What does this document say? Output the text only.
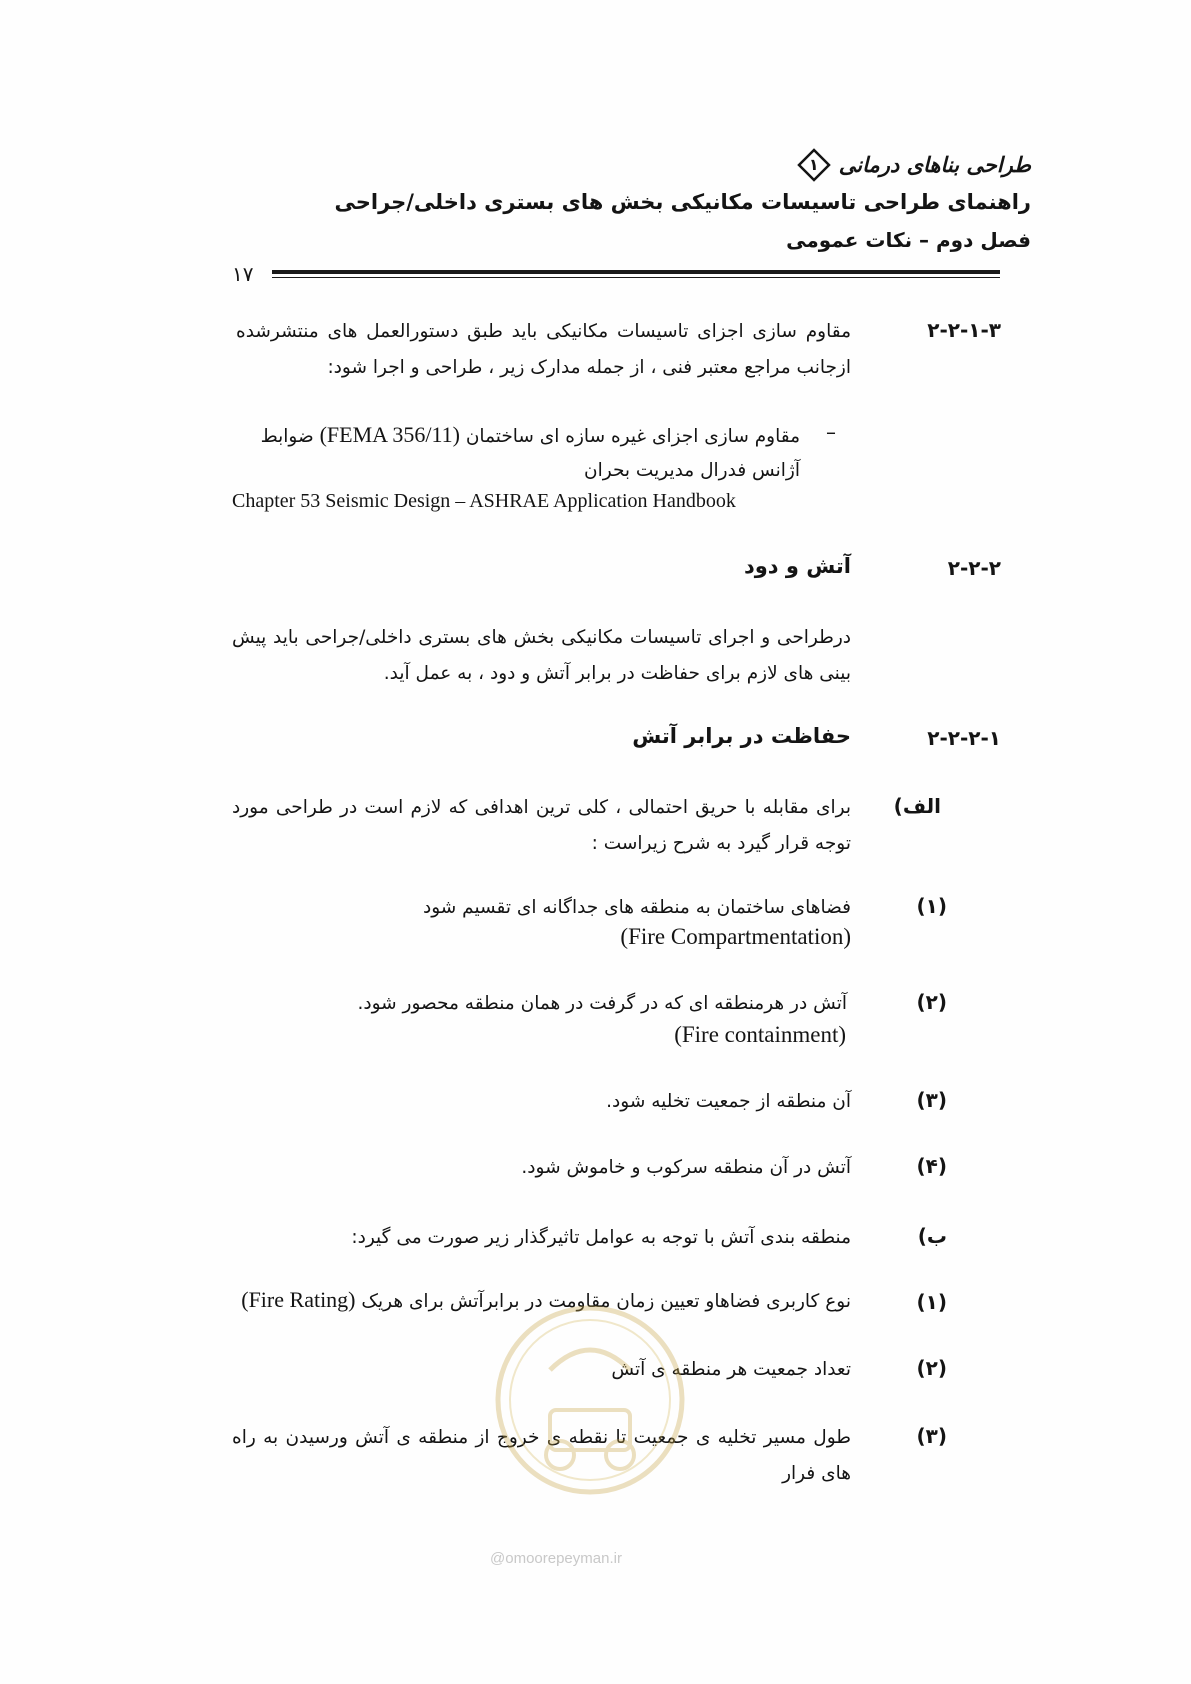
طراحی بناهای درمانی
۱
راهنمای طراحی تاسیسات مکانیکی بخش های بستری داخلی/جراحی
فصل دوم – نکات عمومی
۱۷
۲-۲-۱-۳
مقاوم سازی اجزای تاسیسات مکانیکی باید طبق دستورالعمل های منتشرشده ازجانب مراجع معتبر فنی ، از جمله مدارک زیر ، طراحی و اجرا شود:
–
مقاوم سازی اجزای غیره سازه ای ساختمان (FEMA 356/11) ضوابط
آژانس فدرال مدیریت بحران
Chapter 53 Seismic Design – ASHRAE Application Handbook
۲-۲-۲
آتش و دود
درطراحی و اجرای تاسیسات مکانیکی بخش های بستری داخلی/جراحی باید پیش بینی های لازم برای حفاظت در برابر آتش و دود ، به عمل آید.
۲-۲-۲-۱
حفاظت در برابر آتش
الف)
برای مقابله با حریق احتمالی ، کلی ترین اهدافی که لازم است در طراحی مورد توجه قرار گیرد به شرح زیراست :
(۱)
فضاهای ساختمان به منطقه های جداگانه ای تقسیم شود
(Fire Compartmentation)
(۲)
آتش در هرمنطقه ای که در گرفت در همان منطقه محصور شود.
(Fire containment)
(۳)
آن منطقه از جمعیت تخلیه شود.
(۴)
آتش در آن منطقه سرکوب و خاموش شود.
ب)
منطقه بندی آتش با توجه به عوامل تاثیرگذار زیر صورت می گیرد:
(۱)
نوع کاربری فضاهاو تعیین زمان مقاومت در برابرآتش برای هریک (Fire Rating)
(۲)
تعداد جمعیت هر منطقه ی آتش
(۳)
طول مسیر تخلیه ی جمعیت تا نقطه ی خروج از منطقه ی آتش ورسیدن به راه های فرار
@omoorepeyman.ir
